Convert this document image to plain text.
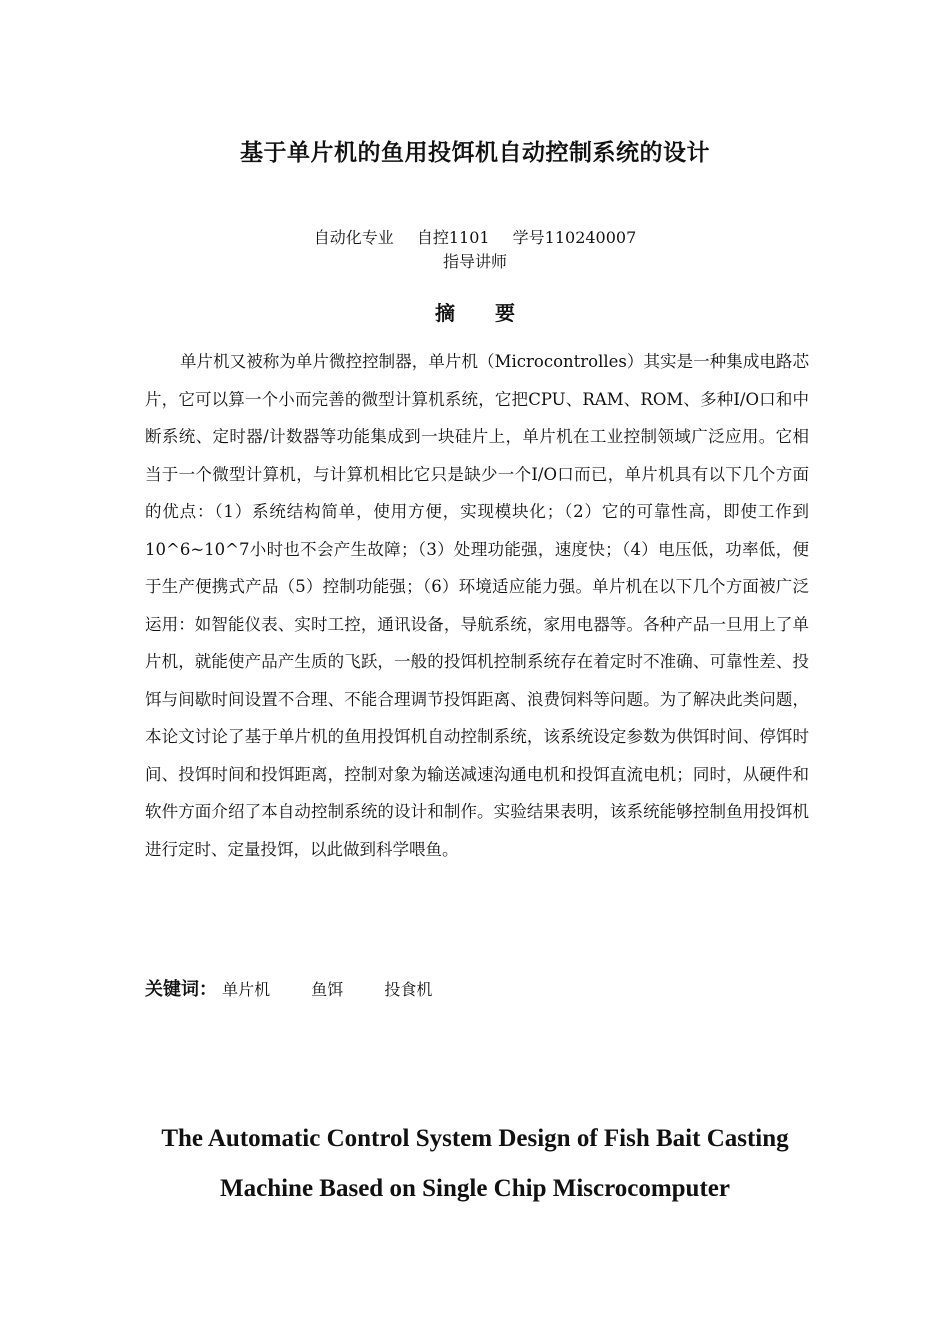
基于单片机的鱼用投饵机自动控制系统的设计
自动化专业 自控1101 学号110240007
指导讲师
摘要

单片机又被称为单片微控控制器，单片机（Microcontrolles）其实是一种集成电路芯片，它可以算一个小而完善的微型计算机系统，它把CPU、RAM、ROM、多种I/O口和中断系统、定时器/计数器等功能集成到一块硅片上，单片机在工业控制领域广泛应用。它相当于一个微型计算机，与计算机相比它只是缺少一个I/O口而已，单片机具有以下几个方面的优点：（1）系统结构简单，使用方便，实现模块化；（2）它的可靠性高，即使工作到10^6~10^7小时也不会产生故障；（3）处理功能强，速度快；（4）电压低，功率低，便于生产便携式产品（5）控制功能强；（6）环境适应能力强。单片机在以下几个方面被广泛运用：如智能仪表、实时工控，通讯设备，导航系统，家用电器等。各种产品一旦用上了单片机，就能使产品产生质的飞跃，一般的投饵机控制系统存在着定时不准确、可靠性差、投饵与间歇时间设置不合理、不能合理调节投饵距离、浪费饲料等问题。为了解决此类问题，本论文讨论了基于单片机的鱼用投饵机自动控制系统，该系统设定参数为供饵时间、停饵时间、投饵时间和投饵距离，控制对象为输送减速沟通电机和投饵直流电机；同时，从硬件和软件方面介绍了本自动控制系统的设计和制作。实验结果表明，该系统能够控制鱼用投饵机进行定时、定量投饵，以此做到科学喂鱼。

关键词： 单片机	鱼饵	投食机
The Automatic Control System Design of Fish Bait Casting
Machine Based on Single Chip Miscrocomputer
